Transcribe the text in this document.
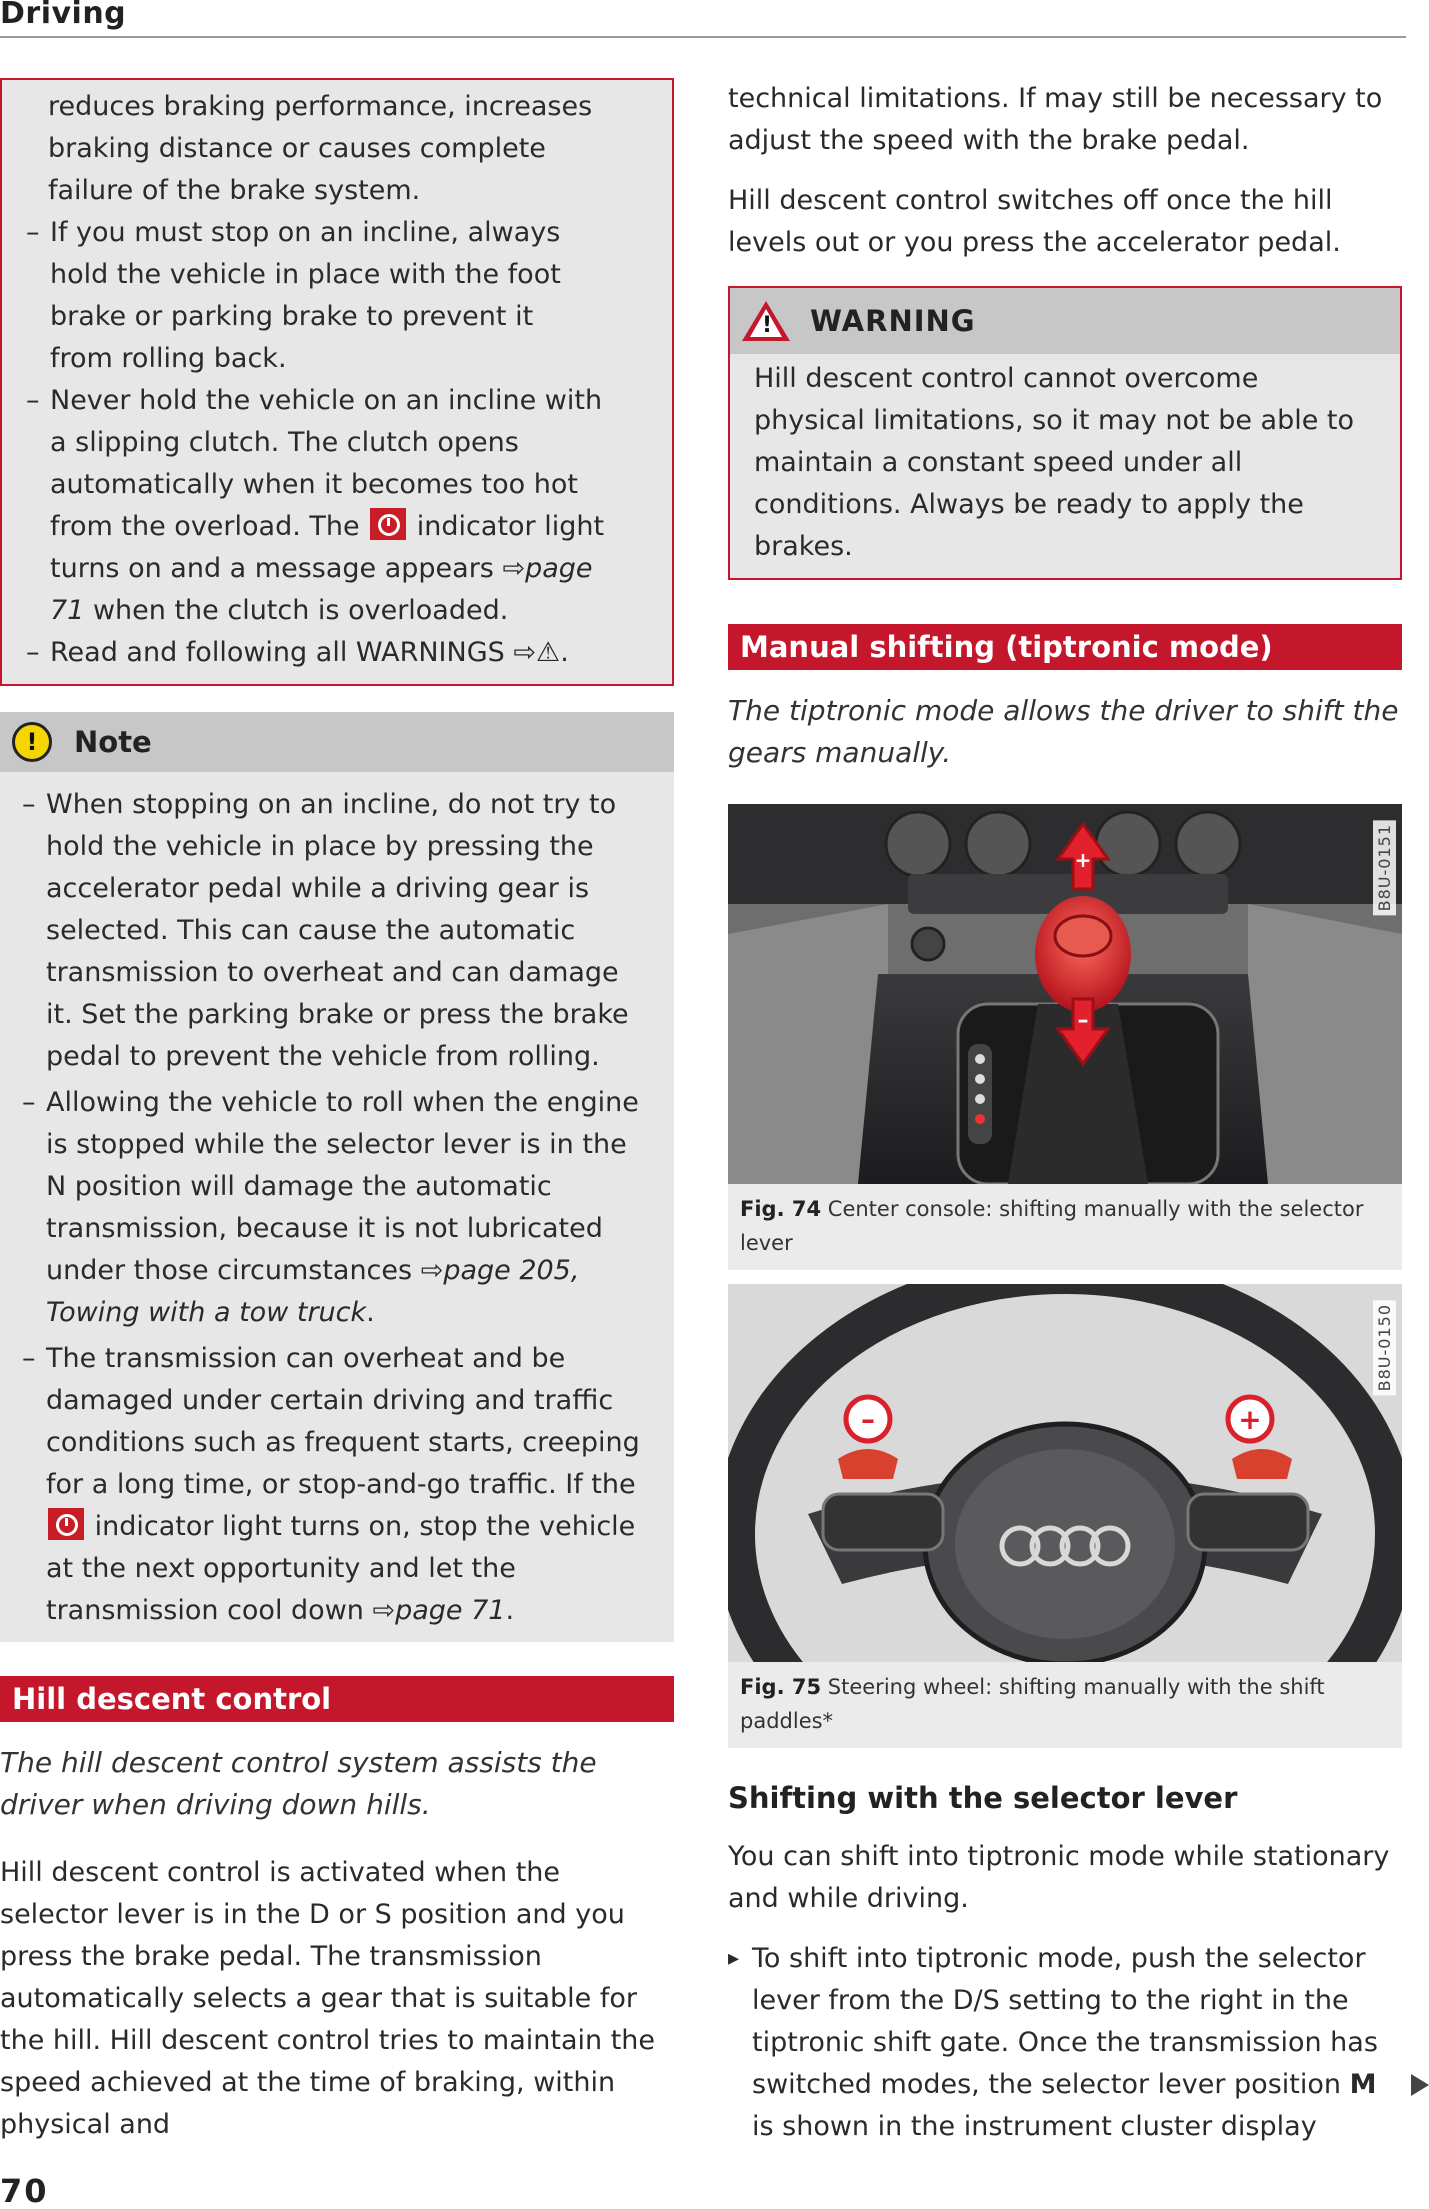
Driving
reduces braking performance, increases braking distance or causes complete failure of the brake system.
– If you must stop on an incline, always hold the vehicle in place with the foot brake or parking brake to prevent it from rolling back.
– Never hold the vehicle on an incline with a slipping clutch. The clutch opens automatically when it becomes too hot from the overload. The indicator light turns on and a message appears ⇨page 71 when the clutch is overloaded.
– Read and following all WARNINGS ⇨⚠.
!	Note
– When stopping on an incline, do not try to hold the vehicle in place by pressing the accelerator pedal while a driving gear is selected. This can cause the automatic transmission to overheat and can damage it. Set the parking brake or press the brake pedal to prevent the vehicle from rolling.
– Allowing the vehicle to roll when the engine is stopped while the selector lever is in the N position will damage the automatic transmission, because it is not lubricated under those circumstances ⇨page 205, Towing with a tow truck.
– The transmission can overheat and be damaged under certain driving and traffic conditions such as frequent starts, creeping for a long time, or stop-and-go traffic. If the  indicator light turns on, stop the vehicle at the next opportunity and let the transmission cool down ⇨page 71.
Hill descent control
The hill descent control system assists the driver when driving down hills.
Hill descent control is activated when the selector lever is in the D or S position and you press the brake pedal. The transmission automatically selects a gear that is suitable for the hill. Hill descent control tries to maintain the speed achieved at the time of braking, within physical and
technical limitations. If may still be necessary to adjust the speed with the brake pedal.
Hill descent control switches off once the hill levels out or you press the accelerator pedal.
! WARNING
Hill descent control cannot overcome physical limitations, so it may not be able to maintain a constant speed under all conditions. Always be ready to apply the brakes.
Manual shifting (tiptronic mode)
The tiptronic mode allows the driver to shift the gears manually.
+
–
B8U-0151
Fig. 74 Center console: shifting manually with the selector lever
–	+
B8U-0150
Fig. 75 Steering wheel: shifting manually with the shift paddles*
Shifting with the selector lever
You can shift into tiptronic mode while stationary and while driving.
▸ To shift into tiptronic mode, push the selector lever from the D/S setting to the right in the tiptronic shift gate. Once the transmission has switched modes, the selector lever position M is shown in the instrument cluster display
70
